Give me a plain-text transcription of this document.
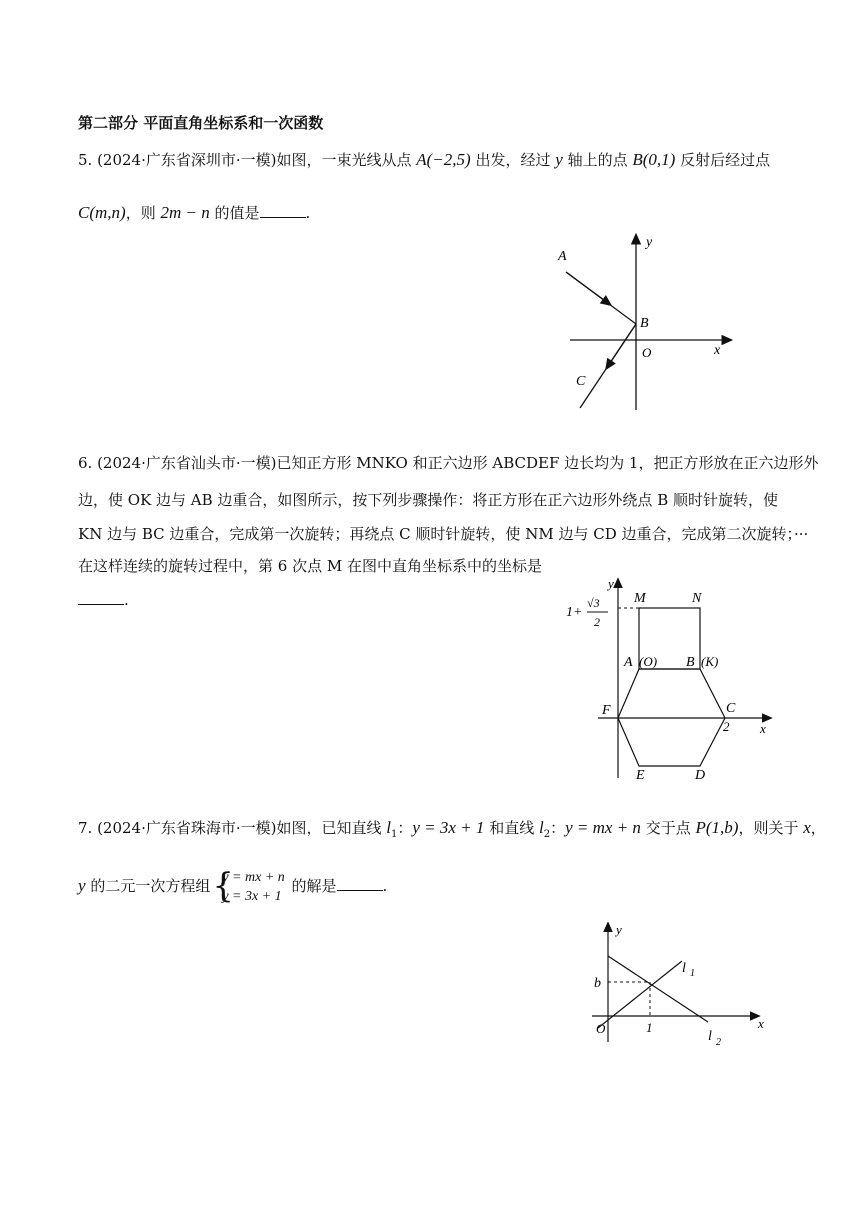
第二部分 平面直角坐标系和一次函数
5. (2024·广东省深圳市·一模)如图，一束光线从点 A(−2,5) 出发，经过 y 轴上的点 B(0,1) 反射后经过点
C(m,n)，则 2m − n 的值是	.
A
B
C
O	x
y
6. (2024·广东省汕头市·一模)已知正方形 MNKO 和正六边形 ABCDEF 边长均为 1，把正方形放在正六边形外
边，使 OK 边与 AB 边重合，如图所示，按下列步骤操作：将正方形在正六边形外绕点 B 顺时针旋转，使
KN 边与 BC 边重合，完成第一次旋转；再绕点 C 顺时针旋转，使 NM 边与 CD 边重合，完成第二次旋转；···
在这样连续的旋转过程中，第 6 次点 M 在图中直角坐标系中的坐标是
.
y
1+
√3
2
M	N
A (O) B (K)
F	C
2 x
E	D
7. (2024·广东省珠海市·一模)如图，已知直线 $l_1$：y = 3x + 1 和直线 $l_2$：y = mx + n 交于点 P(1,b)，则关于 x，
y 的二元一次方程组 {
y = mx + n
y = 3x + 1
的解是	.
y
b
O	1	x
l 1
l 2
